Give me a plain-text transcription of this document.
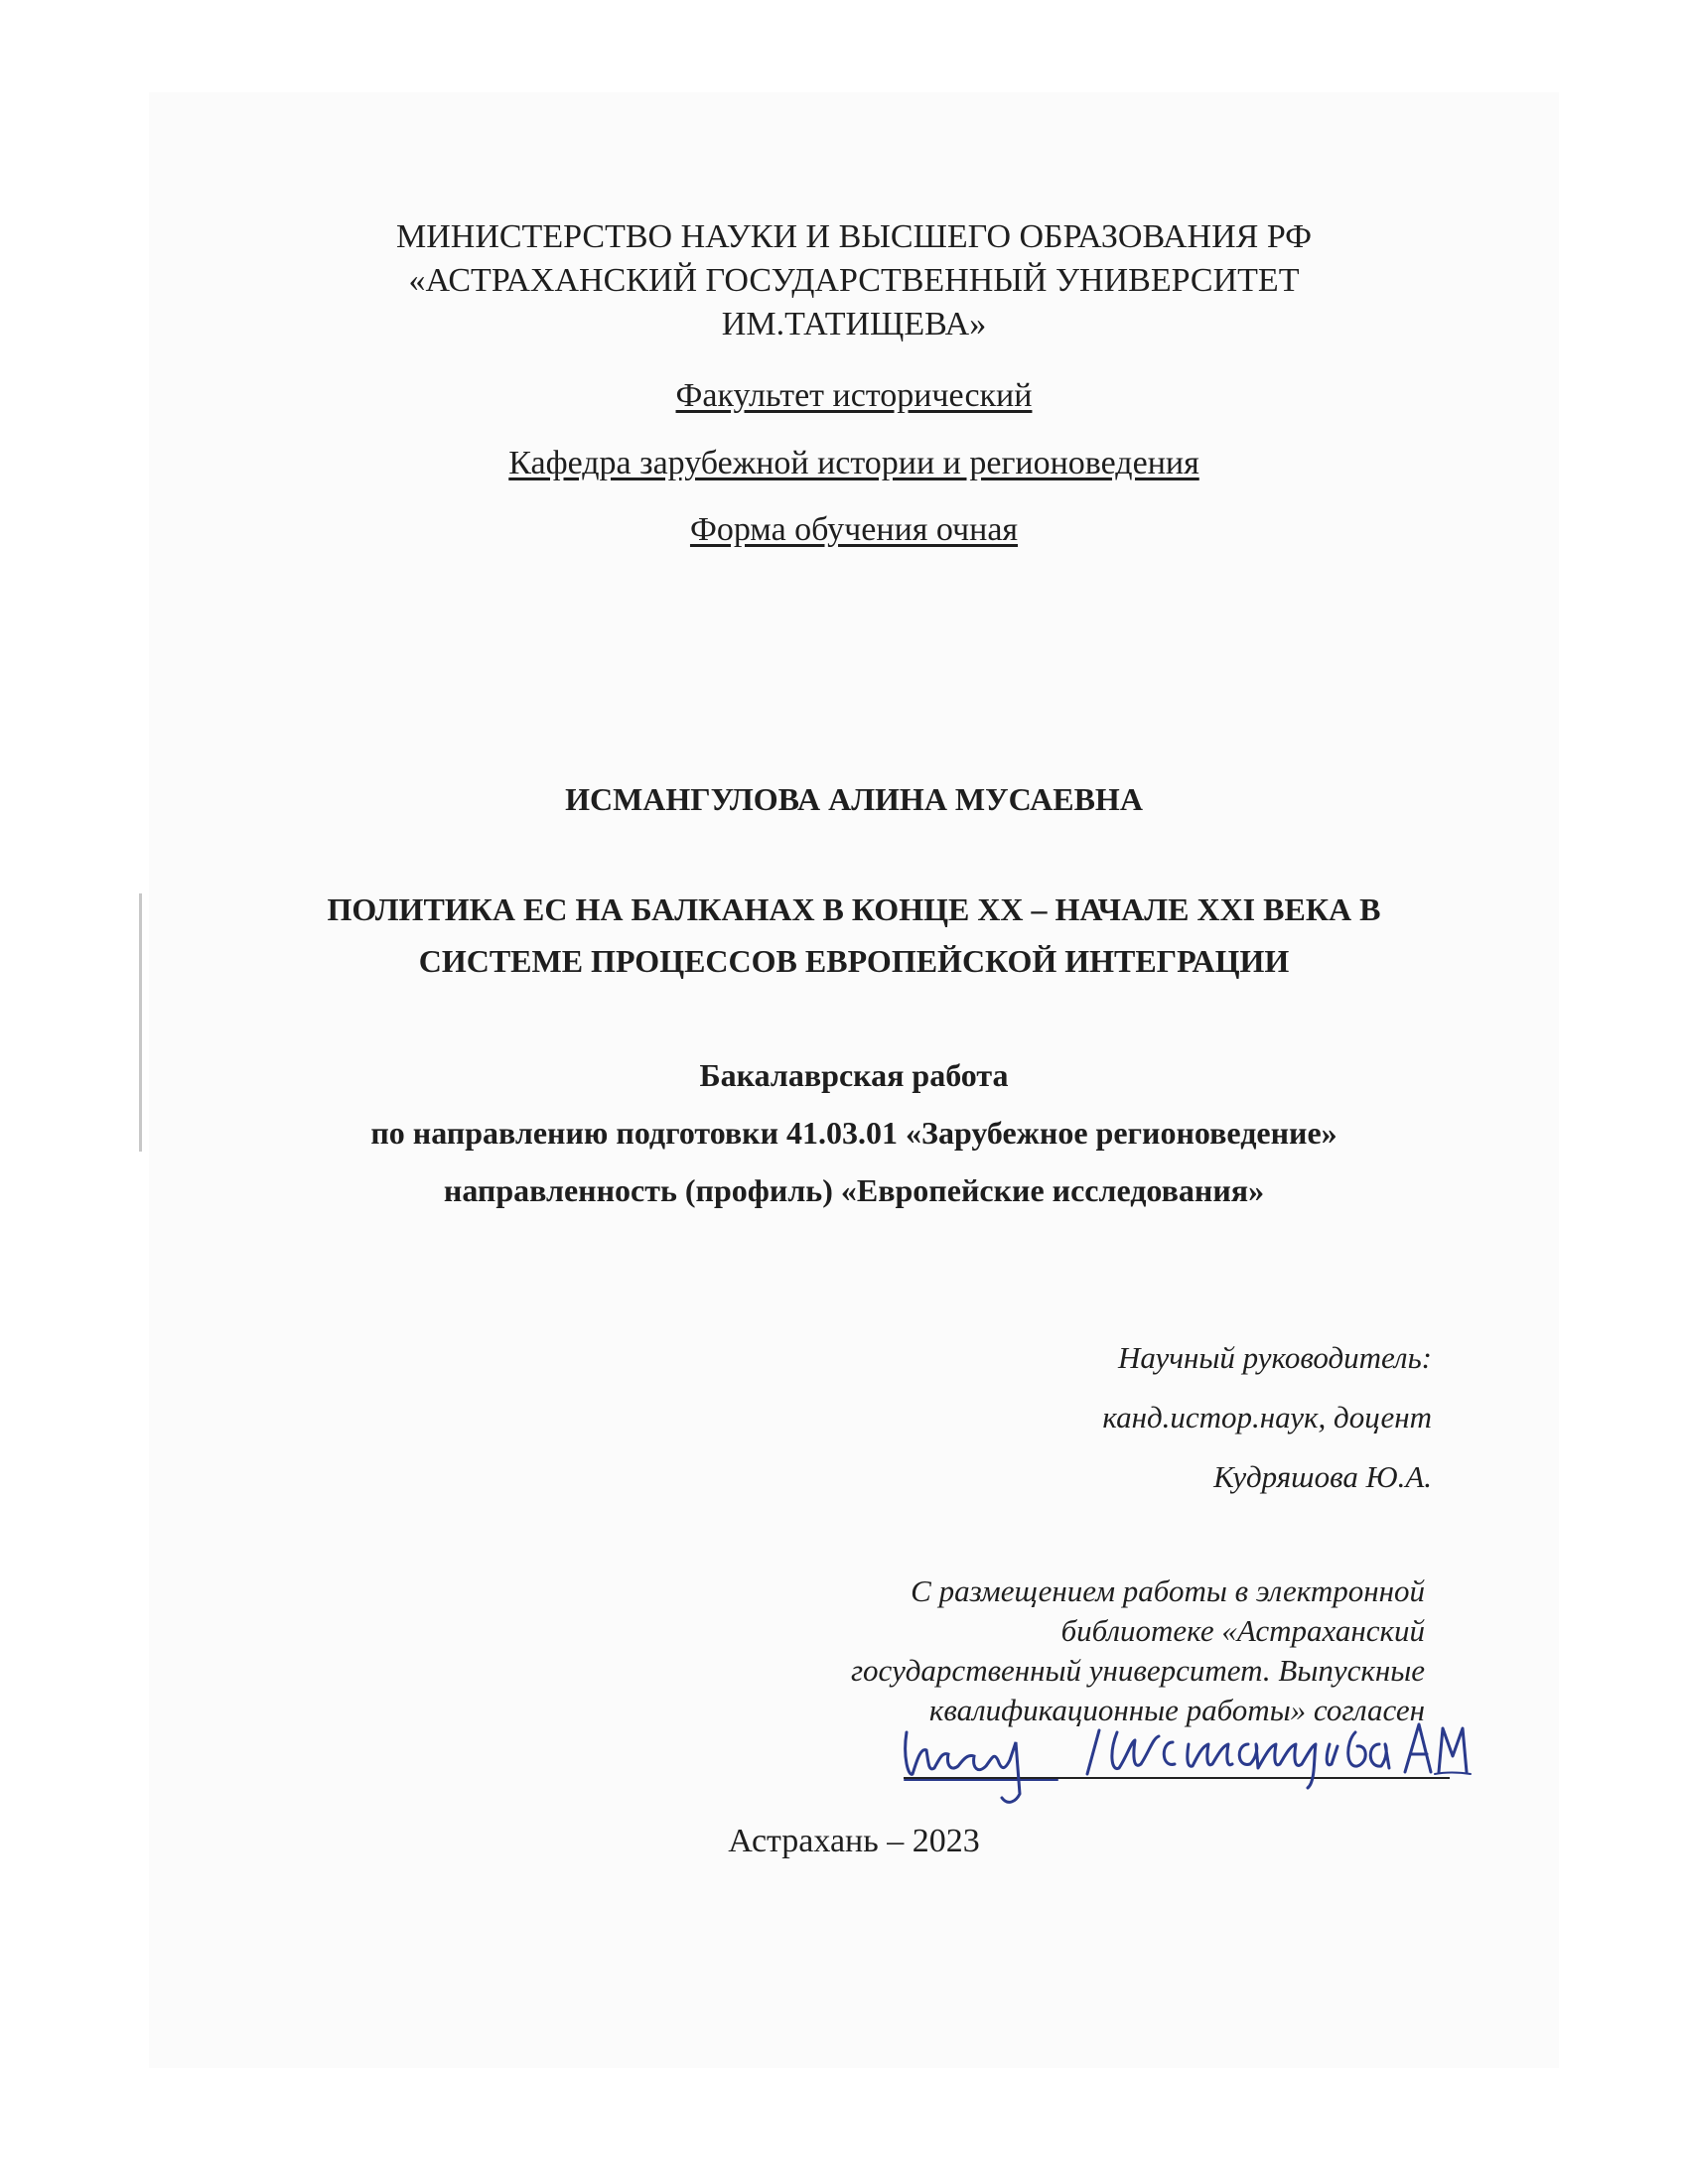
МИНИСТЕРСТВО НАУКИ И ВЫСШЕГО ОБРАЗОВАНИЯ РФ
«АСТРАХАНСКИЙ ГОСУДАРСТВЕННЫЙ УНИВЕРСИТЕТ
ИМ.ТАТИЩЕВА»
Факультет исторический
Кафедра зарубежной истории и регионоведения
Форма обучения очная
ИСМАНГУЛОВА АЛИНА МУСАЕВНА
ПОЛИТИКА ЕС НА БАЛКАНАХ В КОНЦЕ XX – НАЧАЛЕ XXI ВЕКА В
СИСТЕМЕ ПРОЦЕССОВ ЕВРОПЕЙСКОЙ ИНТЕГРАЦИИ
Бакалаврская работа
по направлению подготовки 41.03.01 «Зарубежное регионоведение»
направленность (профиль) «Европейские исследования»
Научный руководитель:
канд.истор.наук, доцент
Кудряшова Ю.А.
С размещением работы в электронной
библиотеке «Астраханский
государственный университет. Выпускные
квалификационные работы» согласен
Астрахань – 2023
